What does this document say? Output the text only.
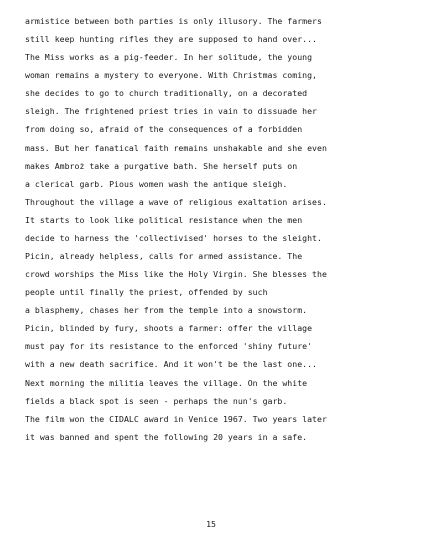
armistice between both parties is only illusory. The farmers
still keep hunting rifles they are supposed to hand over...
The Miss works as a pig-feeder. In her solitude, the young
woman remains a mystery to everyone. With Christmas coming,
she decides to go to church traditionally, on a decorated
sleigh. The frightened priest tries in vain to dissuade her
from doing so, afraid of the consequences of a forbidden
mass. But her fanatical faith remains unshakable and she even
makes Ambroż take a purgative bath. She herself puts on
a clerical garb. Pious women wash the antique sleigh.
Throughout the village a wave of religious exaltation arises.
It starts to look like political resistance when the men
decide to harness the 'collectivised' horses to the sleight.
Picin, already helpless, calls for armed assistance. The
crowd worships the Miss like the Holy Virgin. She blesses the
people until finally the priest, offended by such
a blasphemy, chases her from the temple into a snowstorm.
Picin, blinded by fury, shoots a farmer: offer the village
must pay for its resistance to the enforced 'shiny future'
with a new death sacrifice. And it won't be the last one...
Next morning the militia leaves the village. On the white
fields a black spot is seen - perhaps the nun's garb.
The film won the CIDALC award in Venice 1967. Two years later
it was banned and spent the following 20 years in a safe.
15
